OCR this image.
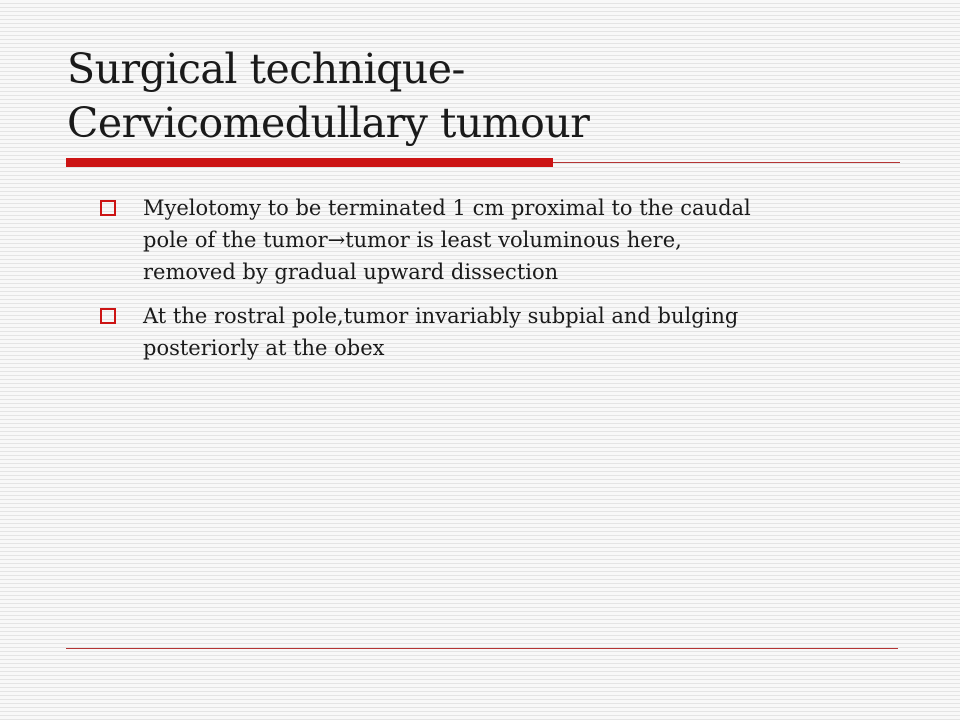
Surgical technique-
Cervicomedullary tumour
Myelotomy to be terminated 1 cm proximal to the caudal
pole of the tumor→tumor is least voluminous here,
removed by gradual upward dissection
At the rostral pole,tumor invariably subpial and bulging
posteriorly at the obex
